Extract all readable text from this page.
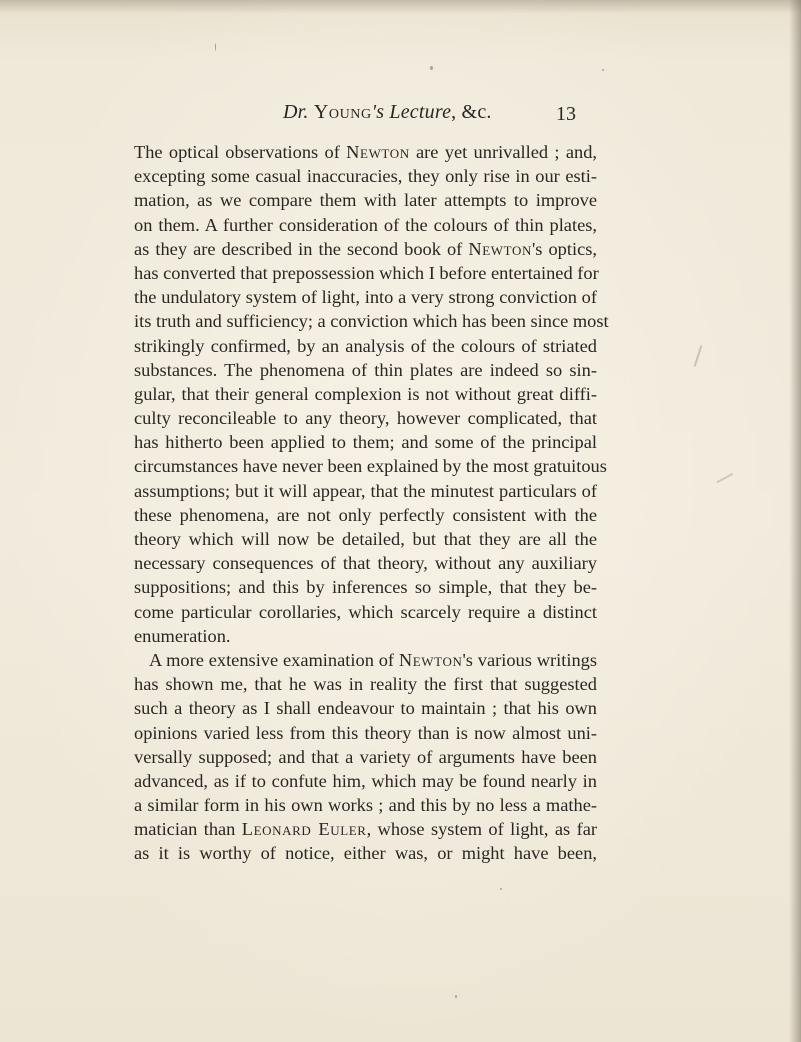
Dr. Young's Lecture, &c.	13
The optical observations of Newton are yet unrivalled ; and,
excepting some casual inaccuracies, they only rise in our esti-
mation, as we compare them with later attempts to improve
on them. A further consideration of the colours of thin plates,
as they are described in the second book of Newton's optics,
has converted that prepossession which I before entertained for
the undulatory system of light, into a very strong conviction of
its truth and sufficiency; a conviction which has been since most
strikingly confirmed, by an analysis of the colours of striated
substances. The phenomena of thin plates are indeed so sin-
gular, that their general complexion is not without great diffi-
culty reconcileable to any theory, however complicated, that
has hitherto been applied to them; and some of the principal
circumstances have never been explained by the most gratuitous
assumptions; but it will appear, that the minutest particulars of
these phenomena, are not only perfectly consistent with the
theory which will now be detailed, but that they are all the
necessary consequences of that theory, without any auxiliary
suppositions; and this by inferences so simple, that they be-
come particular corollaries, which scarcely require a distinct
enumeration.
A more extensive examination of Newton's various writings
has shown me, that he was in reality the first that suggested
such a theory as I shall endeavour to maintain ; that his own
opinions varied less from this theory than is now almost uni-
versally supposed; and that a variety of arguments have been
advanced, as if to confute him, which may be found nearly in
a similar form in his own works ; and this by no less a mathe-
matician than Leonard Euler, whose system of light, as far
as it is worthy of notice, either was, or might have been,
